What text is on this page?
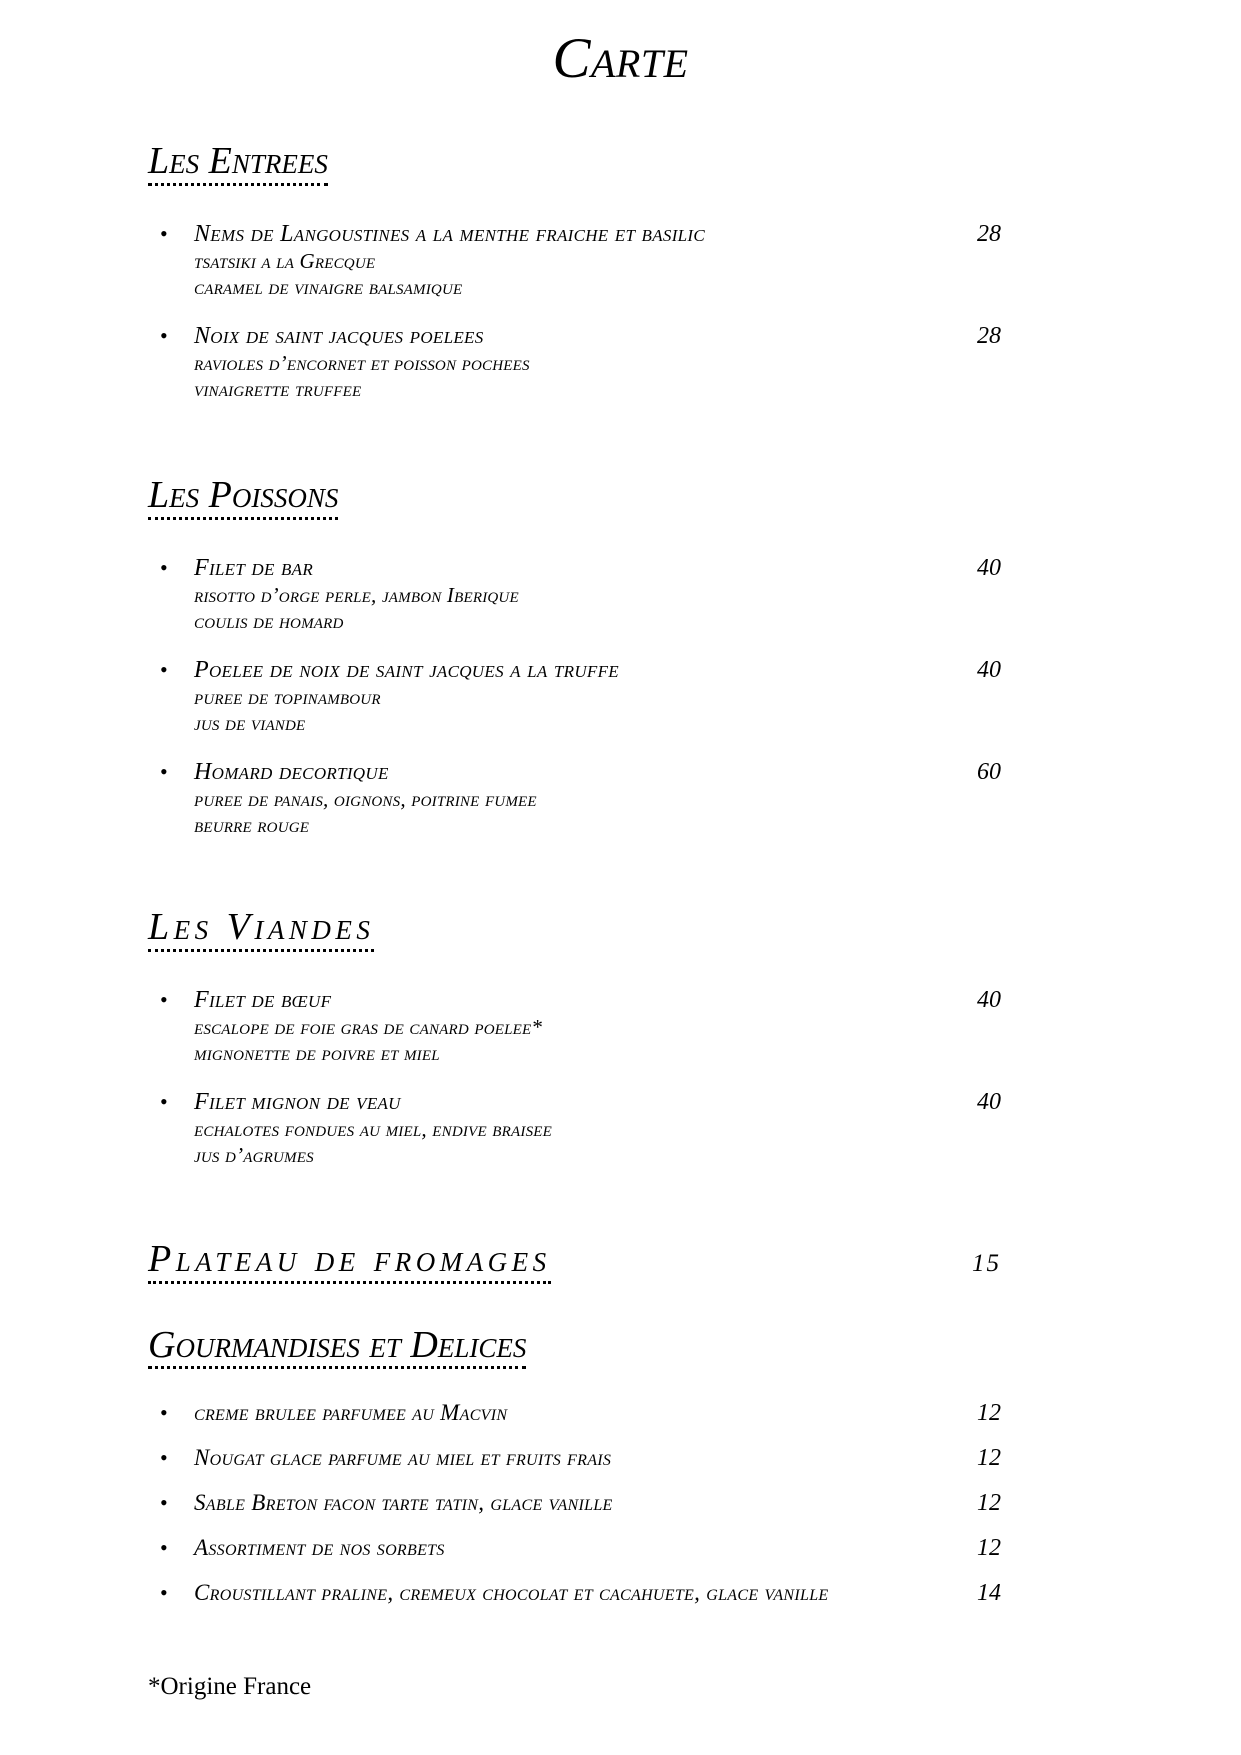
Carte
Les Entrees
• Nems de Langoustines a la menthe fraiche et basilic	28
tsatsiki a la Grecque
caramel de vinaigre balsamique
• Noix de saint jacques poelees	28
ravioles d’encornet et poisson pochees
vinaigrette truffee
Les Poissons
• Filet de bar	40
risotto d’orge perle, jambon Iberique
coulis de homard
• Poelee de noix de saint jacques a la truffe	40
puree de topinambour
jus de viande
• Homard decortique	60
puree de panais, oignons, poitrine fumee
beurre rouge
Les Viandes
• Filet de bœuf	40
escalope de foie gras de canard poelee*
mignonette de poivre et miel
• Filet mignon de veau	40
echalotes fondues au miel, endive braisee
jus d’agrumes
Plateau de fromages	15
Gourmandises et Delices
• creme brulee parfumee au Macvin	12
• Nougat glace parfume au miel et fruits frais	12
• Sable Breton facon tarte tatin, glace vanille	12
• Assortiment de nos sorbets	12
• Croustillant praline, cremeux chocolat et cacahuete, glace vanille	14
*Origine France
